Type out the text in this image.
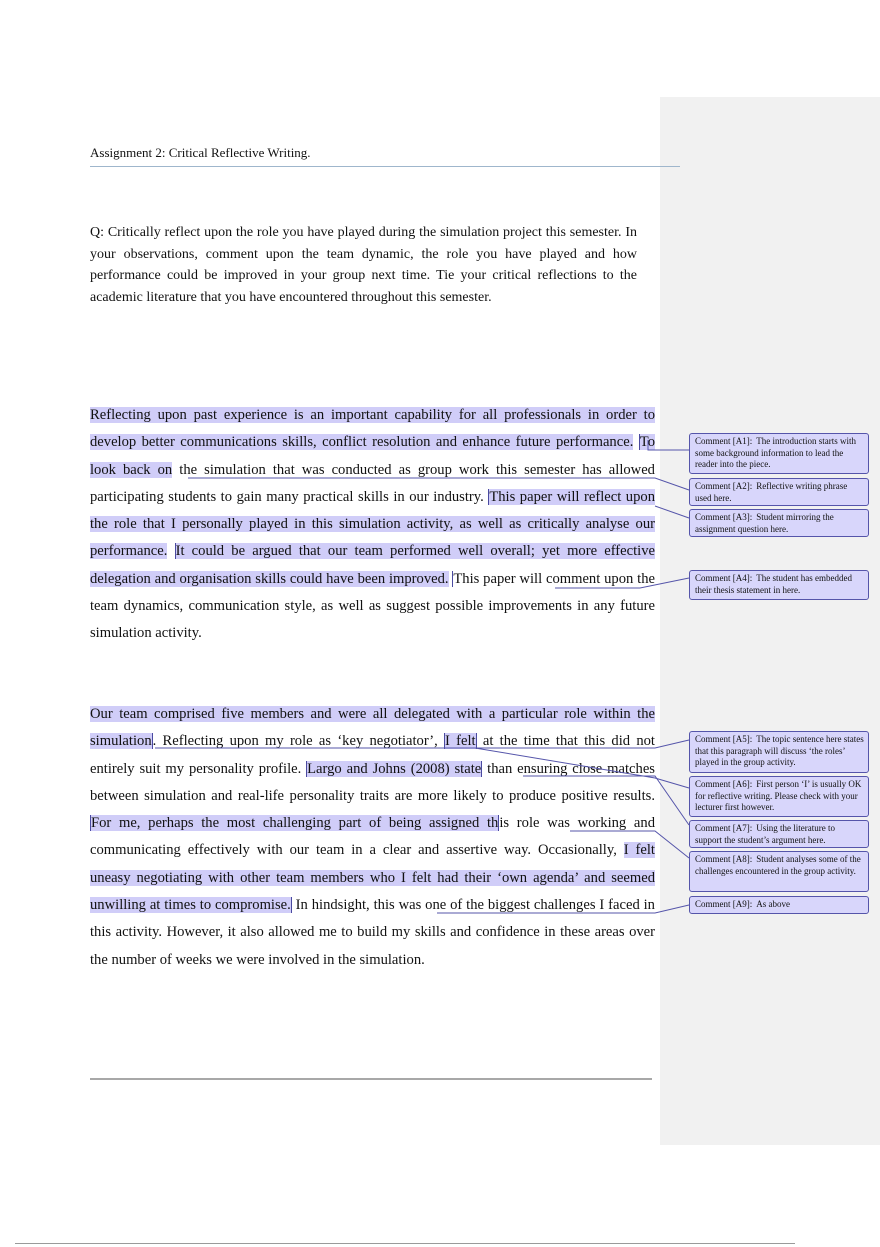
Assignment 2: Critical Reflective Writing.
Q: Critically reflect upon the role you have played during the simulation project this semester. In your observations, comment upon the team dynamic, the role you have played and how performance could be improved in your group next time. Tie your critical reflections to the academic literature that you have encountered throughout this semester.
Reflecting upon past experience is an important capability for all professionals in order to develop better communications skills, conflict resolution and enhance future performance. To look back on the simulation that was conducted as group work this semester has allowed participating students to gain many practical skills in our industry. This paper will reflect upon the role that I personally played in this simulation activity, as well as critically analyse our performance. It could be argued that our team performed well overall; yet more effective delegation and organisation skills could have been improved. This paper will comment upon the team dynamics, communication style, as well as suggest possible improvements in any future simulation activity.
Our team comprised five members and were all delegated with a particular role within the simulation. Reflecting upon my role as ‘key negotiator’, I felt at the time that this did not entirely suit my personality profile. Largo and Johns (2008) state than ensuring close matches between simulation and real-life personality traits are more likely to produce positive results. For me, perhaps the most challenging part of being assigned this role was working and communicating effectively with our team in a clear and assertive way. Occasionally, I felt uneasy negotiating with other team members who I felt had their ‘own agenda’ and seemed unwilling at times to compromise. In hindsight, this was one of the biggest challenges I faced in this activity. However, it also allowed me to build my skills and confidence in these areas over the number of weeks we were involved in the simulation.
Comment [A1]: The introduction starts with some background information to lead the reader into the piece.
Comment [A2]: Reflective writing phrase used here.
Comment [A3]: Student mirroring the assignment question here.
Comment [A4]: The student has embedded their thesis statement in here.
Comment [A5]: The topic sentence here states that this paragraph will discuss ‘the roles’ played in the group activity.
Comment [A6]: First person ‘I’ is usually OK for reflective writing. Please check with your lecturer first however.
Comment [A7]: Using the literature to support the student’s argument here.
Comment [A8]: Student analyses some of the challenges encountered in the group activity.
Comment [A9]: As above
